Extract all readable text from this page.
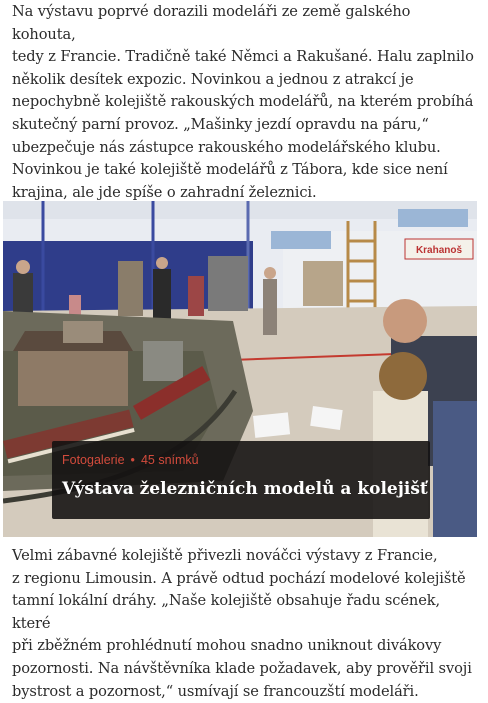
Na výstavu poprvé dorazili modeláři ze země galského kohouta,
tedy z Francie. Tradičně také Němci a Rakušané. Halu zaplnilo
několik desítek expozic. Novinkou a jednou z atrakcí je
nepochybně kolejiště rakouských modelářů, na kterém probíhá
skutečný parní provoz. „Mašinky jezdí opravdu na páru,“
ubezpečuje nás zástupce rakouského modelářského klubu.
Novinkou je také kolejiště modelářů z Tábora, kde sice není
krajina, ale jde spíše o zahradní železnici.
Krahanoš
Fotogalerie • 45 snímků
Výstava železničních modelů a kolejišť
Velmi zábavné kolejiště přivezli nováčci výstavy z Francie,
z regionu Limousin. A právě odtud pochází modelové kolejiště
tamní lokální dráhy. „Naše kolejiště obsahuje řadu scének, které
při zběžném prohlédnutí mohou snadno uniknout divákovy
pozornosti. Na návštěvníka klade požadavek, aby prověřil svoji
bystrost a pozornost,“ usmívají se francouzští modeláři.
